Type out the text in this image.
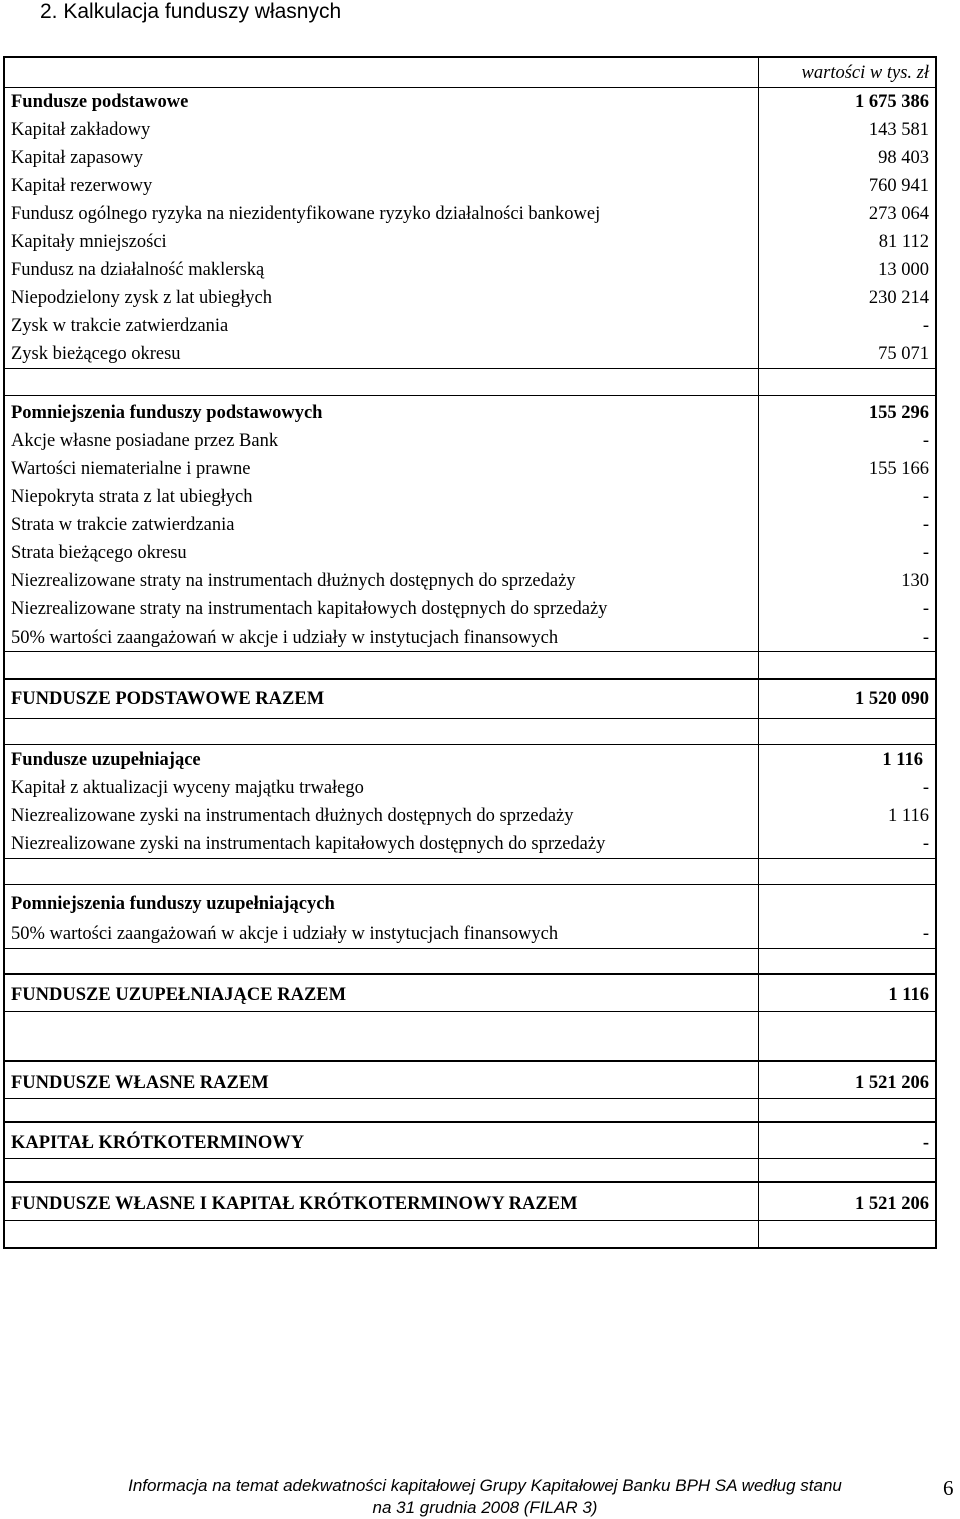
2. Kalkulacja funduszy własnych
wartości w tys. zł
Fundusze podstawowe	1 675 386
Kapitał zakładowy	143 581
Kapitał zapasowy	98 403
Kapitał rezerwowy	760 941
Fundusz ogólnego ryzyka na niezidentyfikowane ryzyko działalności bankowej	273 064
Kapitały mniejszości	81 112
Fundusz na działalność maklerską	13 000
Niepodzielony zysk z lat ubiegłych	230 214
Zysk w trakcie zatwierdzania	-
Zysk bieżącego okresu	75 071
Pomniejszenia funduszy podstawowych	155 296
Akcje własne posiadane przez Bank	-
Wartości niematerialne i prawne	155 166
Niepokryta strata z lat ubiegłych	-
Strata w trakcie zatwierdzania	-
Strata bieżącego okresu	-
Niezrealizowane straty na instrumentach dłużnych dostępnych do sprzedaży	130
Niezrealizowane straty na instrumentach kapitałowych dostępnych do sprzedaży	-
50% wartości zaangażowań w akcje i udziały w instytucjach finansowych	-
FUNDUSZE PODSTAWOWE RAZEM	1 520 090
Fundusze uzupełniające	1 116
Kapitał z aktualizacji wyceny majątku trwałego	-
Niezrealizowane zyski na instrumentach dłużnych dostępnych do sprzedaży	1 116
Niezrealizowane zyski na instrumentach kapitałowych dostępnych do sprzedaży	-
Pomniejszenia funduszy uzupełniających
50% wartości zaangażowań w akcje i udziały w instytucjach finansowych	-
FUNDUSZE UZUPEŁNIAJĄCE RAZEM	1 116
FUNDUSZE WŁASNE RAZEM	1 521 206
KAPITAŁ KRÓTKOTERMINOWY	-
FUNDUSZE WŁASNE I KAPITAŁ KRÓTKOTERMINOWY RAZEM	1 521 206
Informacja na temat adekwatności kapitałowej Grupy Kapitałowej Banku BPH SA według stanu
na 31 grudnia 2008 (FILAR 3)
6
